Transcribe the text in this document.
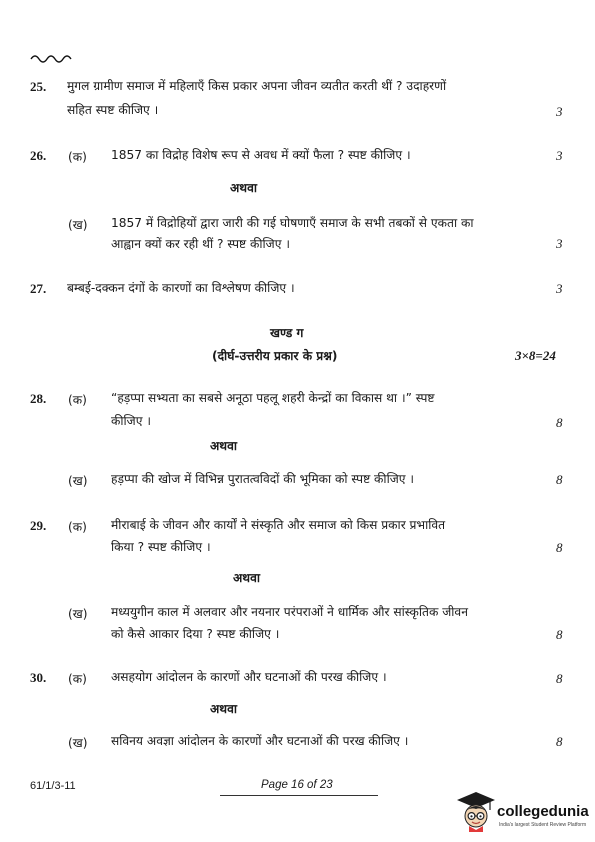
25. मुगल ग्रामीण समाज में महिलाएँ किस प्रकार अपना जीवन व्यतीत करती थीं ? उदाहरणों
सहित स्पष्ट कीजिए ।	3
26. (क) 1857 का विद्रोह विशेष रूप से अवध में क्यों फैला ? स्पष्ट कीजिए ।	3
अथवा
(ख) 1857 में विद्रोहियों द्वारा जारी की गई घोषणाएँ समाज के सभी तबकों से एकता का
आह्वान क्यों कर रही थीं ? स्पष्ट कीजिए ।	3
27. बम्बई-दक्कन दंगों के कारणों का विश्लेषण कीजिए ।	3
खण्ड ग
(दीर्घ-उत्तरीय प्रकार के प्रश्न)	3×8=24
28. (क) “हड़प्पा सभ्यता का सबसे अनूठा पहलू शहरी केन्द्रों का विकास था ।” स्पष्ट
कीजिए ।	8
अथवा
(ख) हड़प्पा की खोज में विभिन्न पुरातत्वविदों की भूमिका को स्पष्ट कीजिए ।	8
29. (क) मीराबाई के जीवन और कार्यों ने संस्कृति और समाज को किस प्रकार प्रभावित
किया ? स्पष्ट कीजिए ।	8
अथवा
(ख) मध्ययुगीन काल में अलवार और नयनार परंपराओं ने धार्मिक और सांस्कृतिक जीवन
को कैसे आकार दिया ? स्पष्ट कीजिए ।	8
30. (क) असहयोग आंदोलन के कारणों और घटनाओं की परख कीजिए ।	8
अथवा
(ख) सविनय अवज्ञा आंदोलन के कारणों और घटनाओं की परख कीजिए ।	8
61/1/3-11	Page 16 of 23
collegedunia
India's largest Student Review Platform
